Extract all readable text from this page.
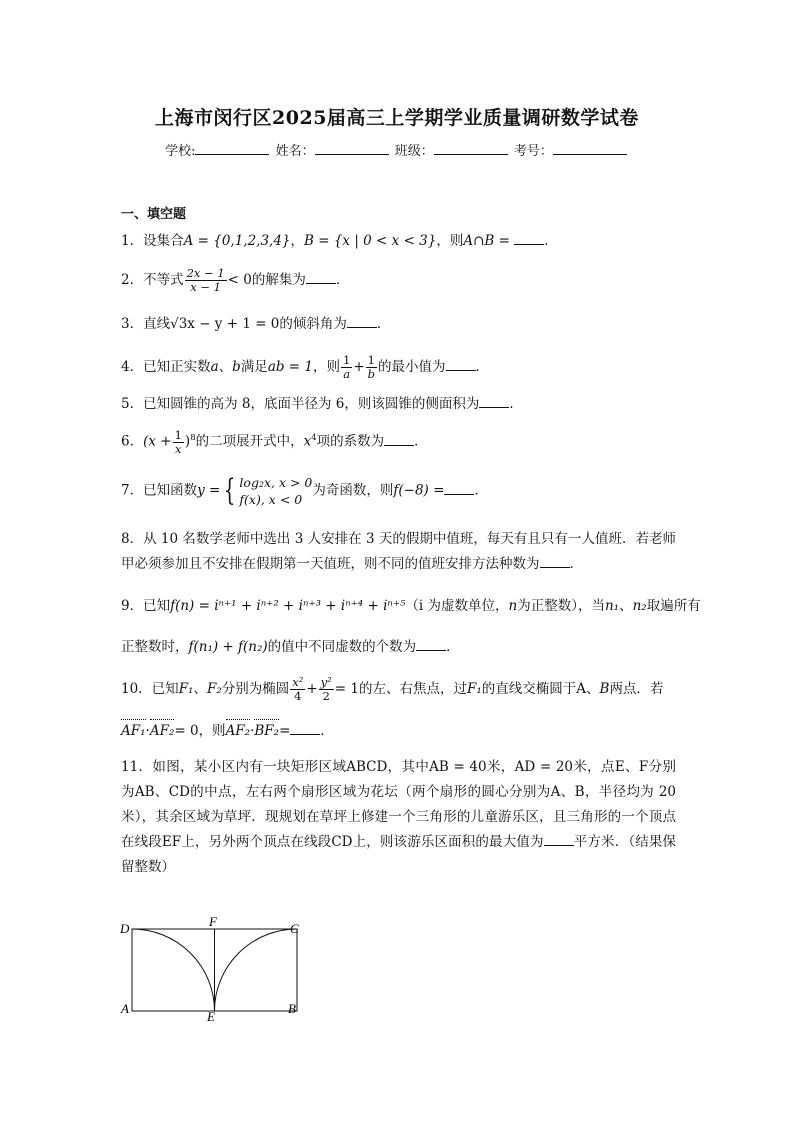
上海市闵行区2025届高三上学期学业质量调研数学试卷
学校:	姓名：	班级：	考号：
一、填空题
1．设集合A = {0,1,2,3,4}，B = {x | 0 < x < 3}，则A∩B = ．
2．不等式 $\frac{2x - 1}{x - 1} < 0$的解集为 ．
3．直线√3x − y + 1 = 0的倾斜角为 ．
4．已知正实数a、b满足ab = 1，则 $\frac{1}{a} + \frac{1}{b}$ 的最小值为 ．
5．已知圆锥的高为 8，底面半径为 6，则该圆锥的侧面积为 ．
6．$(x + \frac{1}{x} )^8$的二项展开式中，$x^4$项的系数为 ．
7．已知函数y = { log₂x, x > 0
f(x), x < 0
为奇函数，则f(−8) = ．
8．从 10 名数学老师中选出 3 人安排在 3 天的假期中值班，每天有且只有一人值班．若老师甲必须参加且不安排在假期第一天值班，则不同的值班安排方法种数为 ．
9．已知f(n) = iⁿ⁺¹ + iⁿ⁺² + iⁿ⁺³ + iⁿ⁺⁴ + iⁿ⁺⁵（i 为虚数单位，n为正整数），当n₁、n₂取遍所有
正整数时，f(n₁) + f(n₂)的值中不同虚数的个数为 ．
10．已知F₁、F₂分别为椭圆 $\frac{\text{x²}}{4} + \frac{\text{y²}}{2} = 1$的左、右焦点，过F₁的直线交椭圆于A、B两点．若
AF₁·AF₂= 0，则AF₂·BF₂= ．
11．如图，某小区内有一块矩形区域ABCD，其中AB = 40米，AD = 20米，点E、F分别为AB、CD的中点，左右两个扇形区域为花坛（两个扇形的圆心分别为A、B，半径均为 20 米），其余区域为草坪．现规划在草坪上修建一个三角形的儿童游乐区，且三角形的一个顶点在线段EF上，另外两个顶点在线段CD上，则该游乐区面积的最大值为 平方米．（结果保留整数）
D	F	C
A
E
B
